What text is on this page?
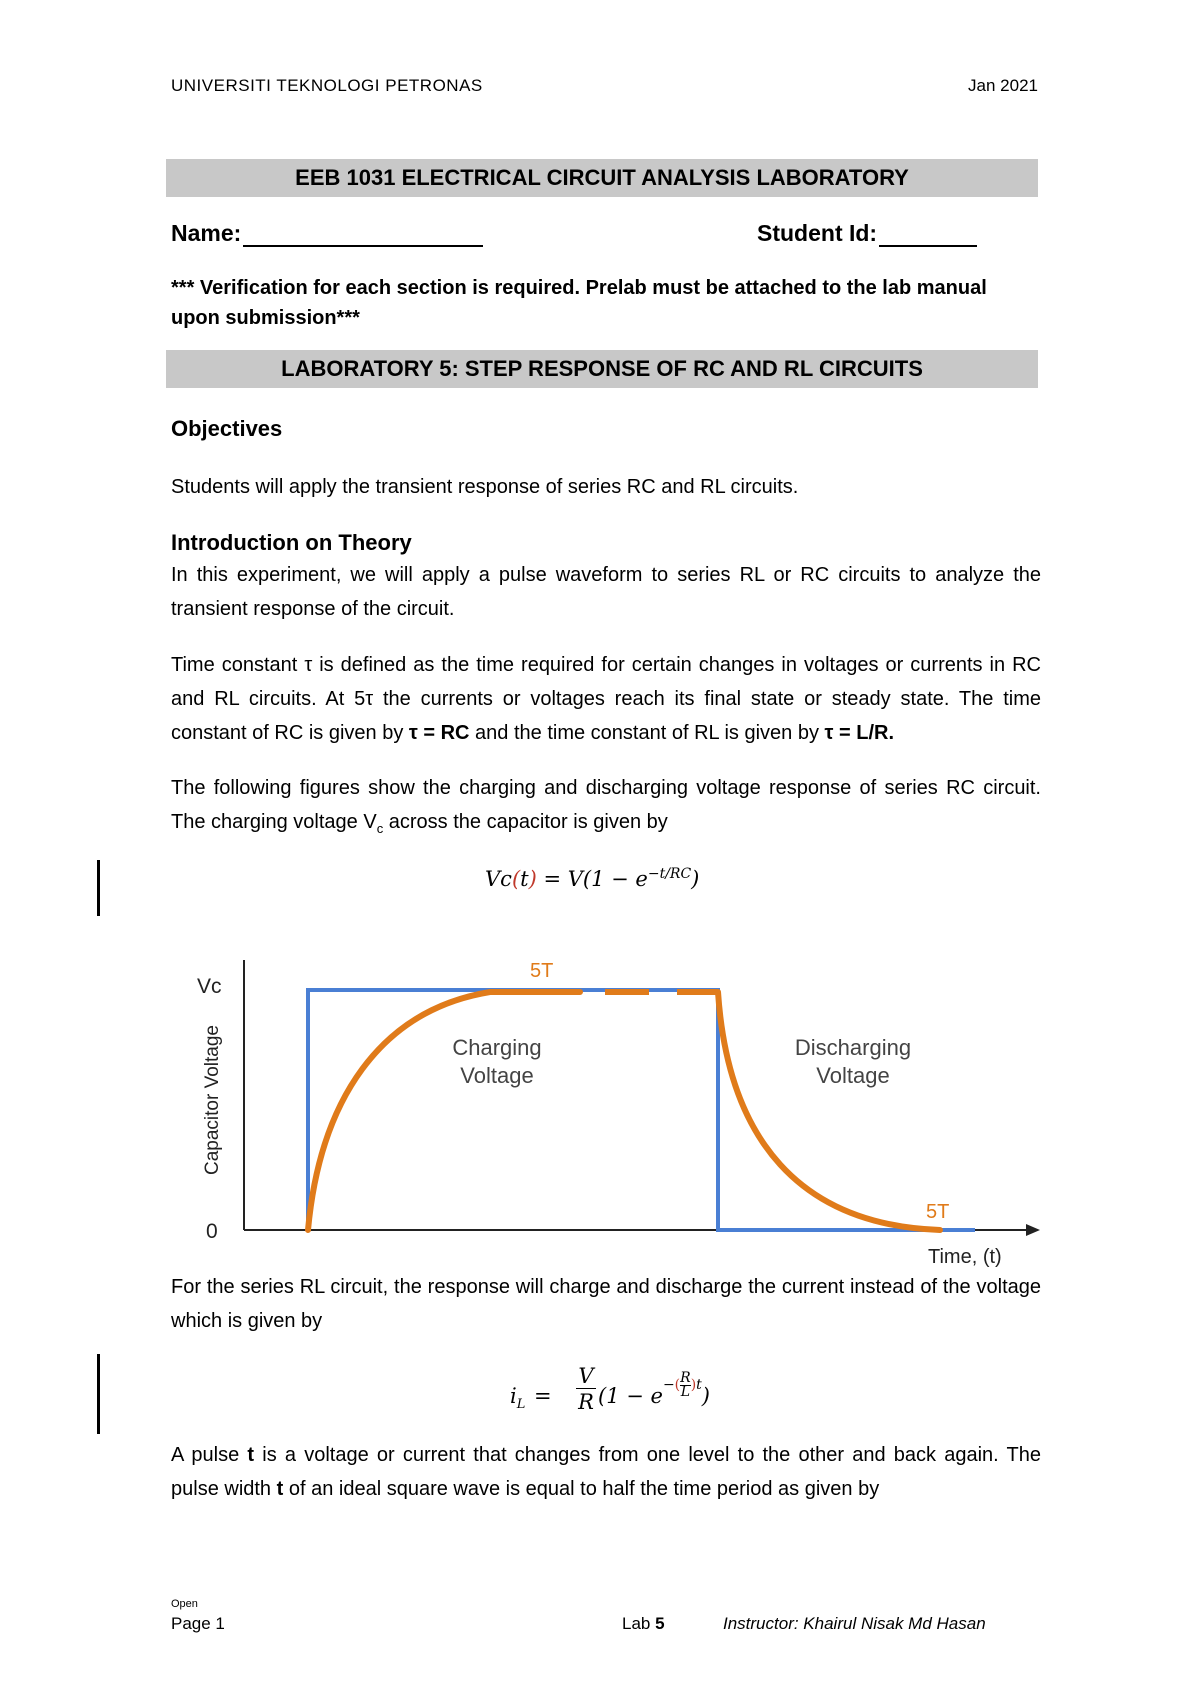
UNIVERSITI TEKNOLOGI PETRONAS	Jan 2021
EEB 1031 ELECTRICAL CIRCUIT ANALYSIS LABORATORY
Name:	Student Id:
*** Verification for each section is required. Prelab must be attached to the lab manual upon submission***
LABORATORY 5: STEP RESPONSE OF RC AND RL CIRCUITS
Objectives
Students will apply the transient response of series RC and RL circuits.
Introduction on Theory
In this experiment, we will apply a pulse waveform to series RL or RC circuits to analyze the transient response of the circuit.
Time constant τ is defined as the time required for certain changes in voltages or currents in RC and RL circuits. At 5τ the currents or voltages reach its final state or steady state. The time constant of RC is given by τ = RC and the time constant of RL is given by τ = L/R.
The following figures show the charging and discharging voltage response of series RC circuit. The charging voltage $V_c$ across the capacitor is given by
$Vc(t) = V(1 - e^{-t/RC})$
Vc
0
Capacitor Voltage
Time, (t)
Charging
Voltage
Discharging
Voltage
5T
5T
For the series RL circuit, the response will charge and discharge the current instead of the voltage which is given by
$i_L$ =
V
R $(1 - e^{-( \frac{R}{L} )t})$
A pulse t is a voltage or current that changes from one level to the other and back again. The pulse width t of an ideal square wave is equal to half the time period as given by
Open
Page 1	Lab 5	Instructor: Khairul Nisak Md Hasan
